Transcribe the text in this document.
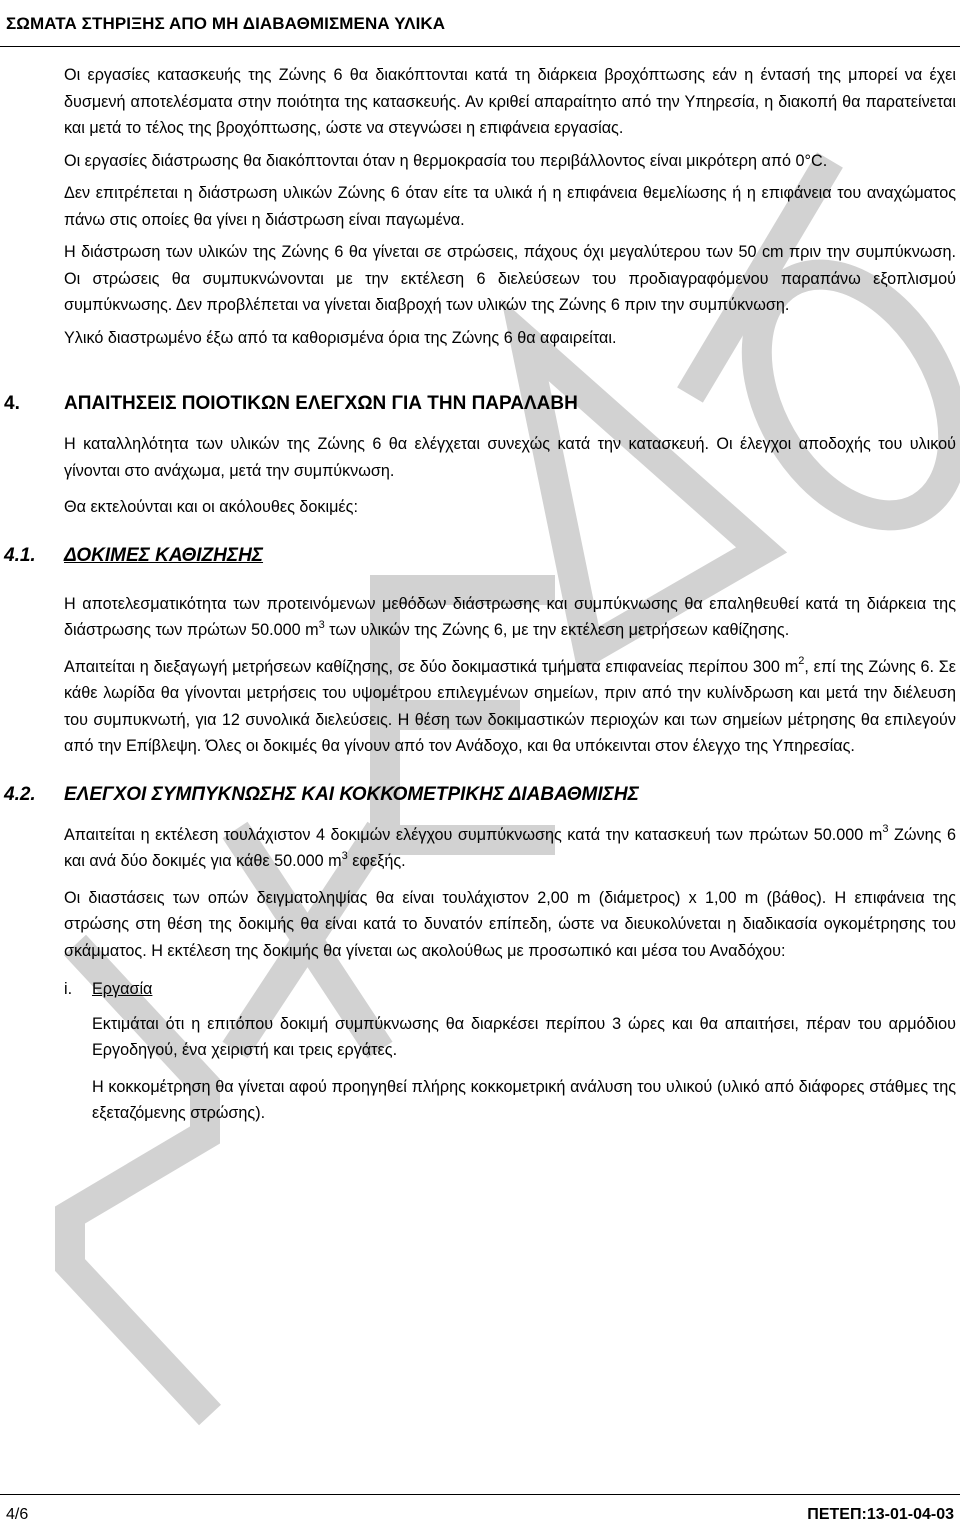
ΣΩΜΑΤΑ ΣΤΗΡΙΞΗΣ ΑΠΟ ΜΗ ΔΙΑΒΑΘΜΙΣΜΕΝΑ ΥΛΙΚΑ

Οι εργασίες κατασκευής της Ζώνης 6 θα διακόπτονται κατά τη διάρκεια βροχόπτωσης εάν η έντασή της μπορεί να έχει δυσμενή αποτελέσματα στην ποιότητα της κατασκευής. Αν κριθεί απαραίτητο από την Υπηρεσία, η διακοπή θα παρατείνεται και μετά το τέλος της βροχόπτωσης, ώστε να στεγνώσει η επιφάνεια εργασίας.

Οι εργασίες διάστρωσης θα διακόπτονται όταν η θερμοκρασία του περιβάλλοντος είναι μικρότερη από 0°C.

Δεν επιτρέπεται η διάστρωση υλικών Ζώνης 6 όταν είτε τα υλικά ή η επιφάνεια θεμελίωσης ή η επιφάνεια του αναχώματος πάνω στις οποίες θα γίνει η διάστρωση είναι παγωμένα.

Η διάστρωση των υλικών της Ζώνης 6 θα γίνεται σε στρώσεις, πάχους όχι μεγαλύτερου των 50 cm πριν την συμπύκνωση. Οι στρώσεις θα συμπυκνώνονται με την εκτέλεση 6 διελεύσεων του προδιαγραφόμενου παραπάνω εξοπλισμού συμπύκνωσης. Δεν προβλέπεται να γίνεται διαβροχή των υλικών της Ζώνης 6 πριν την συμπύκνωση.

Υλικό διαστρωμένο έξω από τα καθορισμένα όρια της Ζώνης 6 θα αφαιρείται.

4. ΑΠΑΙΤΗΣΕΙΣ ΠΟΙΟΤΙΚΩΝ ΕΛΕΓΧΩΝ ΓΙΑ ΤΗΝ ΠΑΡΑΛΑΒΗ

Η καταλληλότητα των υλικών της Ζώνης 6 θα ελέγχεται συνεχώς κατά την κατασκευή. Οι έλεγχοι αποδοχής του υλικού γίνονται στο ανάχωμα, μετά την συμπύκνωση.

Θα εκτελούνται και οι ακόλουθες δοκιμές:

4.1. ΔΟΚΙΜΕΣ ΚΑΘΙΖΗΣΗΣ

Η αποτελεσματικότητα των προτεινόμενων μεθόδων διάστρωσης και συμπύκνωσης θα επαληθευθεί κατά τη διάρκεια της διάστρωσης των πρώτων 50.000 $m^3$ των υλικών της Ζώνης 6, με την εκτέλεση μετρήσεων καθίζησης.

Απαιτείται η διεξαγωγή μετρήσεων καθίζησης, σε δύο δοκιμαστικά τμήματα επιφανείας περίπου 300 $m^2$, επί της Ζώνης 6. Σε κάθε λωρίδα θα γίνονται μετρήσεις του υψομέτρου επιλεγμένων σημείων, πριν από την κυλίνδρωση και μετά την διέλευση του συμπυκνωτή, για 12 συνολικά διελεύσεις. Η θέση των δοκιμαστικών περιοχών και των σημείων μέτρησης θα επιλεγούν από την Επίβλεψη. Όλες οι δοκιμές θα γίνουν από τον Ανάδοχο, και θα υπόκεινται στον έλεγχο της Υπηρεσίας.

4.2. ΕΛΕΓΧΟΙ ΣΥΜΠΥΚΝΩΣΗΣ ΚΑΙ ΚΟΚΚΟΜΕΤΡΙΚΗΣ ΔΙΑΒΑΘΜΙΣΗΣ

Απαιτείται η εκτέλεση τουλάχιστον 4 δοκιμών ελέγχου συμπύκνωσης κατά την κατασκευή των πρώτων 50.000 $m^3$ Ζώνης 6 και ανά δύο δοκιμές για κάθε 50.000 $m^3$ εφεξής.

Οι διαστάσεις των οπών δειγματοληψίας θα είναι τουλάχιστον 2,00 m (διάμετρος) x 1,00 m (βάθος). Η επιφάνεια της στρώσης στη θέση της δοκιμής θα είναι κατά το δυνατόν επίπεδη, ώστε να διευκολύνεται η διαδικασία ογκομέτρησης του σκάμματος. Η εκτέλεση της δοκιμής θα γίνεται ως ακολούθως με προσωπικό και μέσα του Αναδόχου:

i. Εργασία

Εκτιμάται ότι η επιτόπου δοκιμή συμπύκνωσης θα διαρκέσει περίπου 3 ώρες και θα απαιτήσει, πέραν του αρμόδιου Εργοδηγού, ένα χειριστή και τρεις εργάτες.

Η κοκκομέτρηση θα γίνεται αφού προηγηθεί πλήρης κοκκομετρική ανάλυση του υλικού (υλικό από διάφορες στάθμες της εξεταζόμενης στρώσης).

4/6	ΠΕΤΕΠ:13-01-04-03
